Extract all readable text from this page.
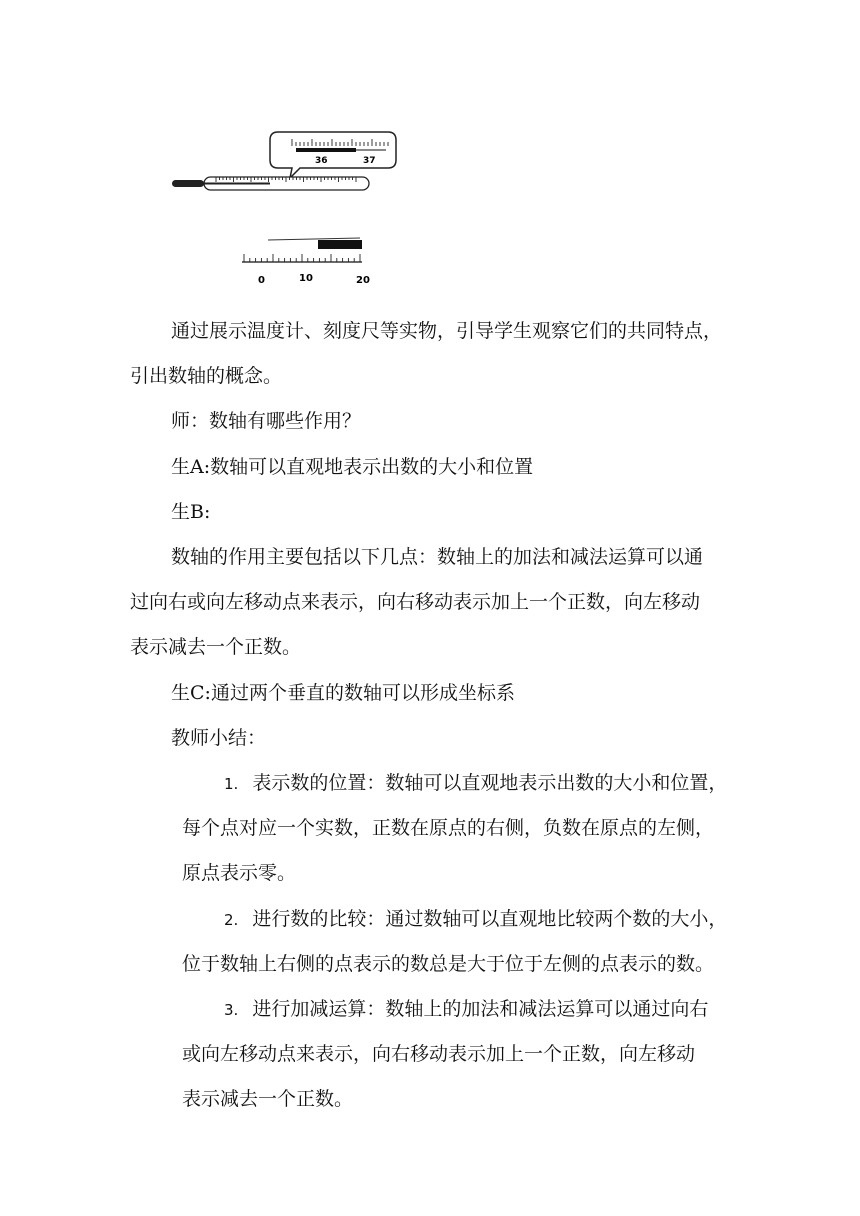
36	37
0	10	20
通过展示温度计、刻度尺等实物，引导学生观察它们的共同特点，
引出数轴的概念。
师：数轴有哪些作用？
生A:数轴可以直观地表示出数的大小和位置
生B:
数轴的作用主要包括以下几点：数轴上的加法和减法运算可以通
过向右或向左移动点来表示，向右移动表示加上一个正数，向左移动
表示减去一个正数。
生C:通过两个垂直的数轴可以形成坐标系
教师小结：
1. 表示数的位置：数轴可以直观地表示出数的大小和位置，
每个点对应一个实数，正数在原点的右侧，负数在原点的左侧，
原点表示零。
2. 进行数的比较：通过数轴可以直观地比较两个数的大小，
位于数轴上右侧的点表示的数总是大于位于左侧的点表示的数。
3. 进行加减运算：数轴上的加法和减法运算可以通过向右
或向左移动点来表示，向右移动表示加上一个正数，向左移动
表示减去一个正数。
